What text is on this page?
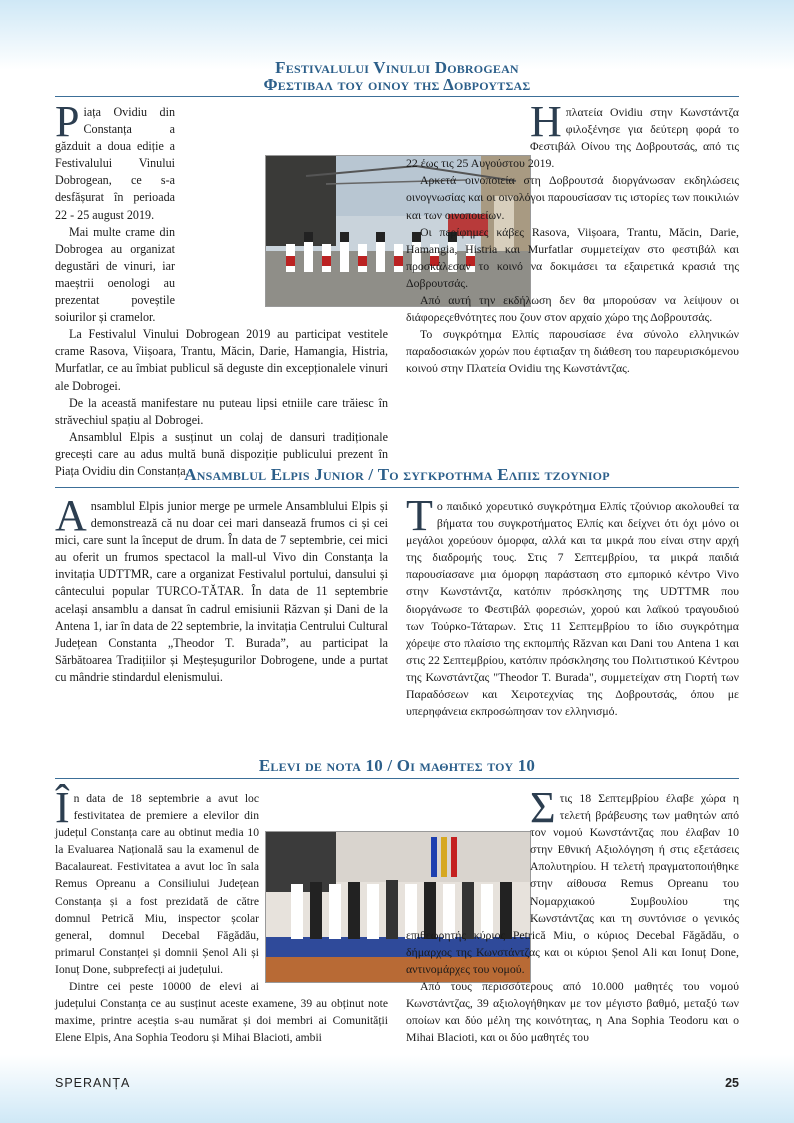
Festivalului Vinului Dobrogean
Φεστιβαλ του οινου της Δοβρουτσας

Piața Ovidiu din Constanța a găzduit a doua ediție a Festivalului Vinului Dobrogean, ce s-a desfășurat în perioada 22 - 25 august 2019.

Mai multe crame din Dobrogea au organizat degustări de vinuri, iar maeștrii oenologi au prezentat poveștile soiurilor și cramelor.

La Festivalul Vinului Dobrogean 2019 au participat vestitele crame Rasova, Viișoara, Trantu, Măcin, Darie, Hamangia, Histria, Murfatlar, ce au îmbiat publicul să deguste din excepționalele vinuri ale Dobrogei.

De la această manifestare nu puteau lipsi etniile care trăiesc în străvechiul spațiu al Dobrogei.

Ansamblul Elpis a susținut un colaj de dansuri tradiționale grecești care au adus multă bună dispoziție publicului prezent în Piața Ovidiu din Constanța.

Η πλατεία Ovidiu στην Κωνστάντζα φιλοξένησε για δεύτερη φορά το Φεστιβάλ Οίνου της Δοβρουτσάς, από τις 22 έως τις 25 Αυγούστου 2019.

Αρκετά οινοποιεία στη Δοβρουτσά διοργάνωσαν εκδηλώσεις οινογνωσίας και οι οινολόγοι παρουσίασαν τις ιστορίες των ποικιλιών και των οινοποιείων.

Οι περίφημες κάβες Rasova, Viișoara, Trantu, Măcin, Darie, Hamangia, Histria και Murfatlar συμμετείχαν στο φεστιβάλ και προσκάλεσαν το κοινό να δοκιμάσει τα εξαιρετικά κρασιά της Δοβρουτσάς.

Από αυτή την εκδήλωση δεν θα μπορούσαν να λείψουν οι διάφορεςεθνότητες που ζουν στον αρχαίο χώρο της Δοβρουτσάς.

Το συγκρότημα Ελπίς παρουσίασε ένα σύνολο ελληνικών παραδοσιακών χορών που έφτιαξαν τη διάθεση του παρευρισκόμενου κοινού στην Πλατεία Ovidiu της Κωνστάντζας.

Ansamblul Elpis Junior / Το συγκροτημα Ελπις τζουνιορ

Ansamblul Elpis junior merge pe urmele Ansamblului Elpis și demonstrează că nu doar cei mari dansează frumos ci și cei mici, care sunt la început de drum. În data de 7 septembrie, cei mici au oferit un frumos spectacol la mall-ul Vivo din Constanța la invitația UDTTMR, care a organizat Festivalul portului, dansului și cântecului popular TURCO-TĂTAR. În data de 11 septembrie același ansamblu a dansat în cadrul emisiunii Răzvan și Dani de la Antena 1, iar în data de 22 septembrie, la invitația Centrului Cultural Județean Constanta „Theodor T. Burada”, au participat la Sărbătoarea Tradițiilor și Meșteșugurilor Dobrogene, unde a purtat cu mândrie stindardul elenismului.

Το παιδικό χορευτικό συγκρότημα Ελπίς τζούνιορ ακολουθεί τα βήματα του συγκροτήματος Ελπίς και δείχνει ότι όχι μόνο οι μεγάλοι χορεύουν όμορφα, αλλά και τα μικρά που είναι στην αρχή της διαδρομής τους. Στις 7 Σεπτεμβρίου, τα μικρά παιδιά παρουσίασανε μια όμορφη παράσταση στο εμπορικό κέντρο Vivo στην Κωνστάντζα, κατόπιν πρόσκλησης της UDTTMR που διοργάνωσε το Φεστιβάλ φορεσιών, χορού και λαϊκού τραγουδιού των Τούρκο-Τάταρων. Στις 11 Σεπτεμβρίου το ίδιο συγκρότημα χόρεψε στο πλαίσιο της εκπομπής Răzvan και Dani του Antena 1 και στις 22 Σεπτεμβρίου, κατόπιν πρόσκλησης του Πολιτιστικού Κέντρου της Κωνστάντζας "Theodor T. Burada", συμμετείχαν στη Γιορτή των Παραδόσεων και Χειροτεχνίας της Δοβρουτσάς, όπου με υπερηφάνεια εκπροσώπησαν τον ελληνισμό.

Elevi de nota 10 / Οι μαθητες του 10

În data de 18 septembrie a avut loc festivitatea de premiere a elevilor din județul Constanța care au obtinut media 10 la Evaluarea Națională sau la examenul de Bacalaureat. Festivitatea a avut loc în sala Remus Opreanu a Consiliului Județean Constanța și a fost prezidată de către domnul Petrică Miu, inspector școlar general, domnul Decebal Făgădău, primarul Constanței și domnii Șenol Ali și Ionuț Done, subprefecți ai județului.

Dintre cei peste 10000 de elevi ai județului Constanța ce au susținut aceste examene, 39 au obținut note maxime, printre aceștia s-au numărat și doi membri ai Comunității Elene Elpis, Ana Sophia Teodoru și Mihai Blacioti, ambii

Στις 18 Σεπτεμβρίου έλαβε χώρα η τελετή βράβευσης των μαθητών από τον νομού Κωνστάντζας που έλαβαν 10 στην Εθνική Αξιολόγηση ή στις εξετάσεις Απολυτηρίου. Η τελετή πραγματοποιήθηκε στην αίθουσα Remus Opreanu του Νομαρχιακού Συμβουλίου της Κωνστάντζας και τη συντόνισε ο γενικός επιθεωρητής κύριος Petrică Miu, ο κύριος Decebal Făgădău, ο δήμαρχος της Κωνστάντζας και οι κύριοι Șenol Ali και Ionuț Done, αντινομάρχες του νομού.

Από τους περισσότερους από 10.000 μαθητές του νομού Κωνστάντζας, 39 αξιολογήθηκαν με τον μέγιστο βαθμό, μεταξύ των οποίων και δύο μέλη της κοινότητας, η Ana Sophia Teodoru και ο Mihai Blacioti, και οι δύο μαθητές του

SPERANȚA	25
